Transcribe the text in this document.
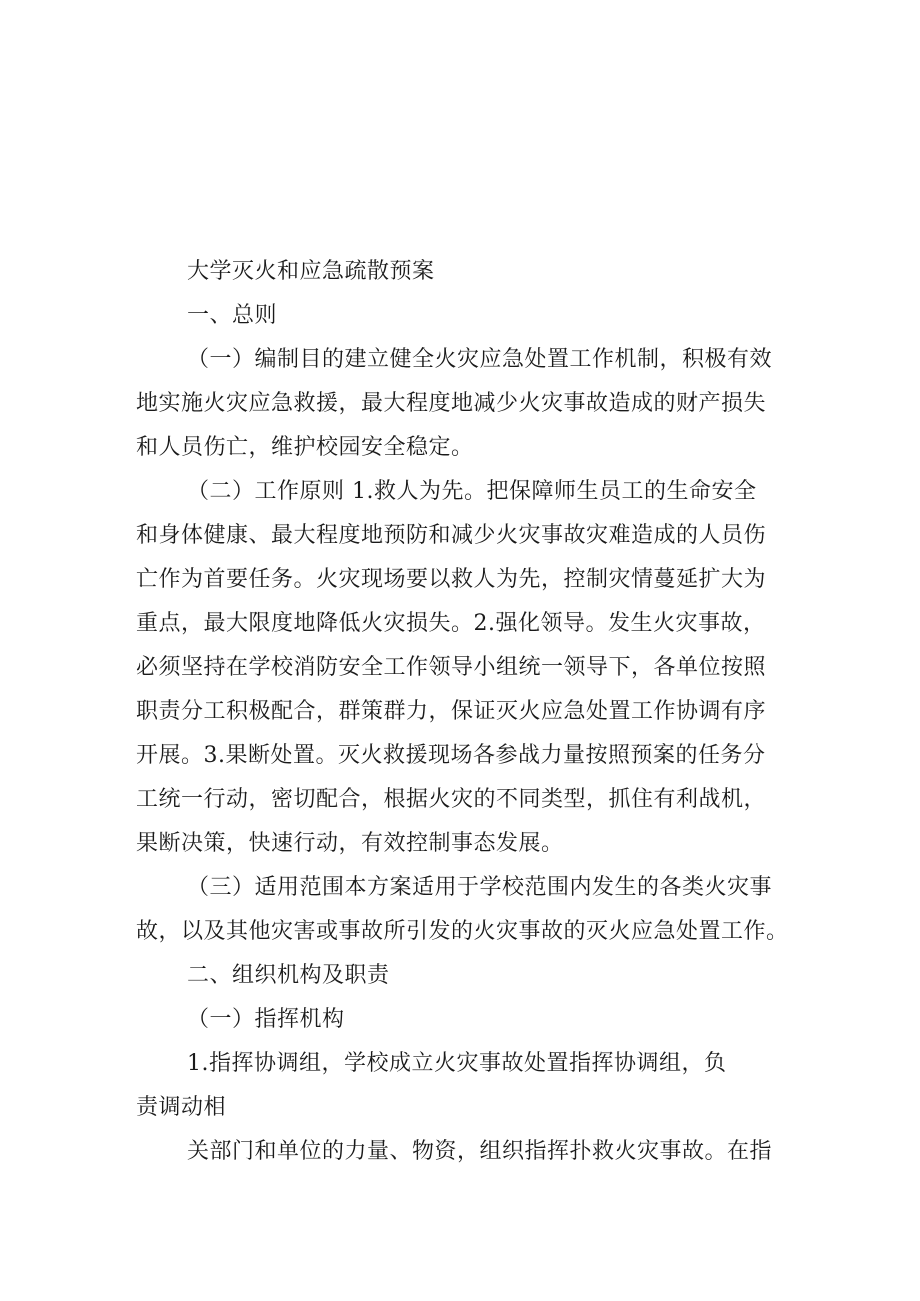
大学灭火和应急疏散预案
一、总则
（一）编制目的建立健全火灾应急处置工作机制，积极有效
地实施火灾应急救援，最大程度地减少火灾事故造成的财产损失
和人员伤亡，维护校园安全稳定。
（二）工作原则 1.救人为先。把保障师生员工的生命安全
和身体健康、最大程度地预防和减少火灾事故灾难造成的人员伤
亡作为首要任务。火灾现场要以救人为先，控制灾情蔓延扩大为
重点，最大限度地降低火灾损失。2.强化领导。发生火灾事故，
必须坚持在学校消防安全工作领导小组统一领导下，各单位按照
职责分工积极配合，群策群力，保证灭火应急处置工作协调有序
开展。3.果断处置。灭火救援现场各参战力量按照预案的任务分
工统一行动，密切配合，根据火灾的不同类型，抓住有利战机，
果断决策，快速行动，有效控制事态发展。
（三）适用范围本方案适用于学校范围内发生的各类火灾事
故，以及其他灾害或事故所引发的火灾事故的灭火应急处置工作。
二、组织机构及职责
（一）指挥机构
1.指挥协调组，学校成立火灾事故处置指挥协调组，负
责调动相
关部门和单位的力量、物资，组织指挥扑救火灾事故。在指
